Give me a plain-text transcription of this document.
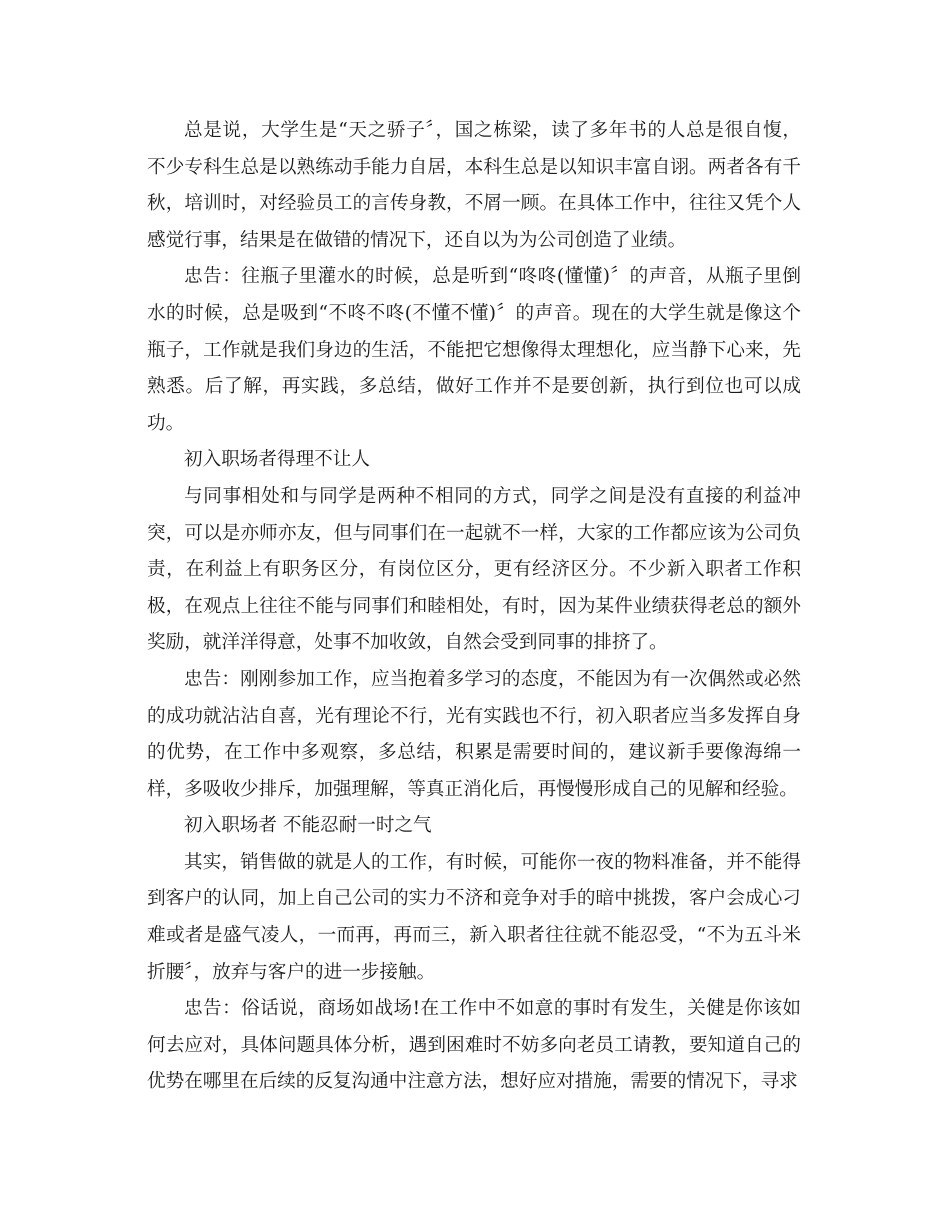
总是说，大学生是“天之骄子〞，国之栋梁，读了多年书的人总是很自愎，
不少专科生总是以熟练动手能力自居，本科生总是以知识丰富自诩。两者各有千
秋，培训时，对经验员工的言传身教，不屑一顾。在具体工作中，往往又凭个人
感觉行事，结果是在做错的情况下，还自以为为公司创造了业绩。
忠告：往瓶子里灌水的时候，总是听到“咚咚(懂懂)〞的声音，从瓶子里倒
水的时候，总是吸到“不咚不咚(不懂不懂)〞的声音。现在的大学生就是像这个
瓶子，工作就是我们身边的生活，不能把它想像得太理想化，应当静下心来，先
熟悉。后了解，再实践，多总结，做好工作并不是要创新，执行到位也可以成
功。
初入职场者得理不让人
与同事相处和与同学是两种不相同的方式，同学之间是没有直接的利益冲
突，可以是亦师亦友，但与同事们在一起就不一样，大家的工作都应该为公司负
责，在利益上有职务区分，有岗位区分，更有经济区分。不少新入职者工作积
极，在观点上往往不能与同事们和睦相处，有时，因为某件业绩获得老总的额外
奖励，就洋洋得意，处事不加收敛，自然会受到同事的排挤了。
忠告：刚刚参加工作，应当抱着多学习的态度，不能因为有一次偶然或必然
的成功就沾沾自喜，光有理论不行，光有实践也不行，初入职者应当多发挥自身
的优势，在工作中多观察，多总结，积累是需要时间的，建议新手要像海绵一
样，多吸收少排斥，加强理解，等真正消化后，再慢慢形成自己的见解和经验。
初入职场者 不能忍耐一时之气
其实，销售做的就是人的工作，有时候，可能你一夜的物料准备，并不能得
到客户的认同，加上自己公司的实力不济和竞争对手的暗中挑拨，客户会成心刁
难或者是盛气凌人，一而再，再而三，新入职者往往就不能忍受，“不为五斗米
折腰〞，放弃与客户的进一步接触。
忠告：俗话说，商场如战场!在工作中不如意的事时有发生，关健是你该如
何去应对，具体问题具体分析，遇到困难时不妨多向老员工请教，要知道自己的
优势在哪里在后续的反复沟通中注意方法，想好应对措施，需要的情况下，寻求
